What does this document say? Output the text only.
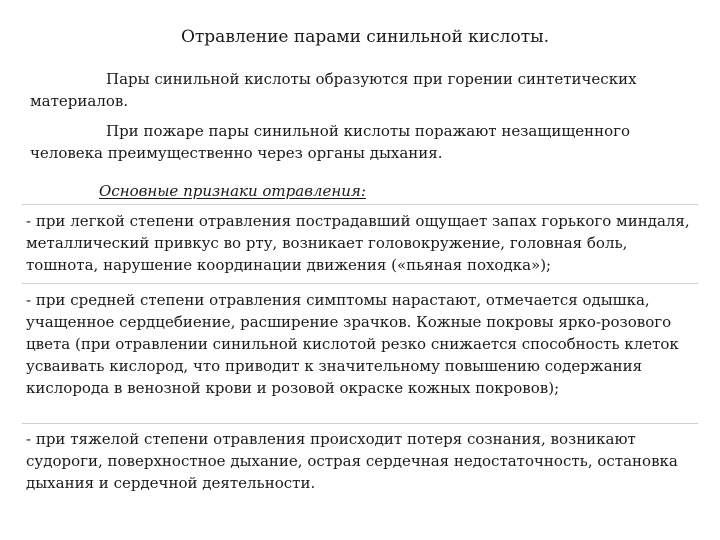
Отравление парами синильной кислоты.

Пары синильной кислоты образуются при горении синтетических материалов.

При пожаре пары синильной кислоты поражают незащищенного человека преимущественно через органы дыхания.

Основные признаки отравления:

- при легкой степени отравления пострадавший ощущает запах горького миндаля, металлический привкус во рту, возникает головокружение, головная боль, тошнота, нарушение координации движения («пьяная походка»);

- при средней степени отравления симптомы нарастают, отмечается одышка, учащенное сердцебиение, расширение зрачков. Кожные покровы ярко-розового цвета (при отравлении синильной кислотой резко снижается способность клеток усваивать кислород, что приводит к значительному повышению содержания кислорода в венозной крови и розовой окраске кожных покровов);

- при тяжелой степени отравления происходит потеря сознания, возникают судороги, поверхностное дыхание, острая сердечная недостаточность, остановка дыхания и сердечной деятельности.
